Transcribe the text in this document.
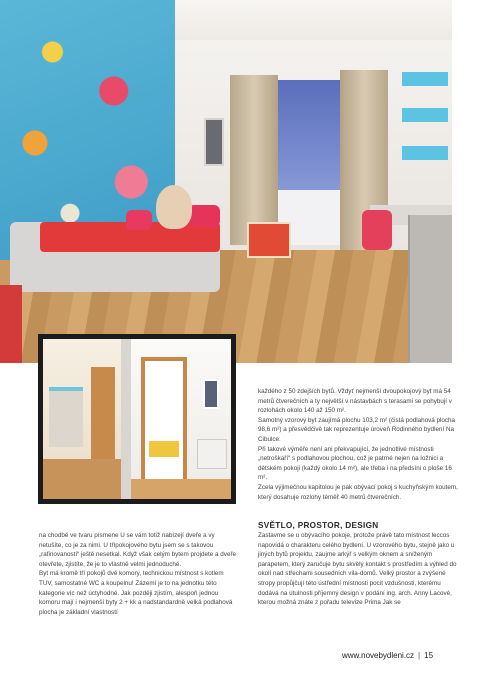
každého z 50 zdejších bytů. Vždyť nejmenší dvoupokojový byt má 54 metrů čtverečních a ty největší v nástavbách s terasami se pohybují v rozlohách okolo 140 až 150 m².

Samotný vzorový byt zaujímá plochu 103,2 m² (čistá podlahová plocha 98,6 m²) a přesvědčivě tak reprezentuje úroveň Rodinného bydlení Na Cibulce.

Při takové výměře není ani překvapující, že jednotlivé místnosti „netroškaří“ s podlahovou plochou, což je patrné nejen na ložnici a dětském pokoji (každý okolo 14 m²), ale třeba i na předsíni o ploše 16 m².

Zcela výjimečnou kapitolou je pak obývací pokoj s kuchyňským koutem, který dosahuje rozlohy téměř 40 metrů čtverečních.

na chodbě ve tvaru písmene U se vám totiž nabízejí dveře a vy netušíte, co je za nimi. U třípokojového bytu jsem se s takovou „rafinovaností“ ještě nesetkal. Když však celým bytem projdete a dveře otevřete, zjistíte, že je to vlastně velmi jednoduché.

Byt má kromě tří pokojů dvě komory, technickou místnost s kotlem TUV, samostatné WC a koupelnu! Zázemí je to na jednotku této kategorie víc než úctyhodné. Jak později zjistím, alespoň jednou komoru mají i nejmenší byty 2 + kk a nadstandardně velká podlahová plocha je základní vlastností

SVĚTLO, PROSTOR, DESIGN

Zastavme se u obývacího pokoje, protože právě tato místnost leccos napovídá o charakteru celého bydlení. U vzorového bytu, stejně jako u jiných bytů projektu, zaujme arkýř s velkým oknem a sníženým parapetem, který zaručuje bytu skvělý kontakt s prostředím a výhled do okolí nad střechami sousedních vila-domů. Velký prostor a zvýšené stropy propůjčují této ústřední místnosti pocit vzdušnosti, kterému dodává na útulnosti příjemný design v podání ing. arch. Anny Lacové, kterou možná znáte z pořadu televize Prima Jak se

www.novebydleni.cz | 15
